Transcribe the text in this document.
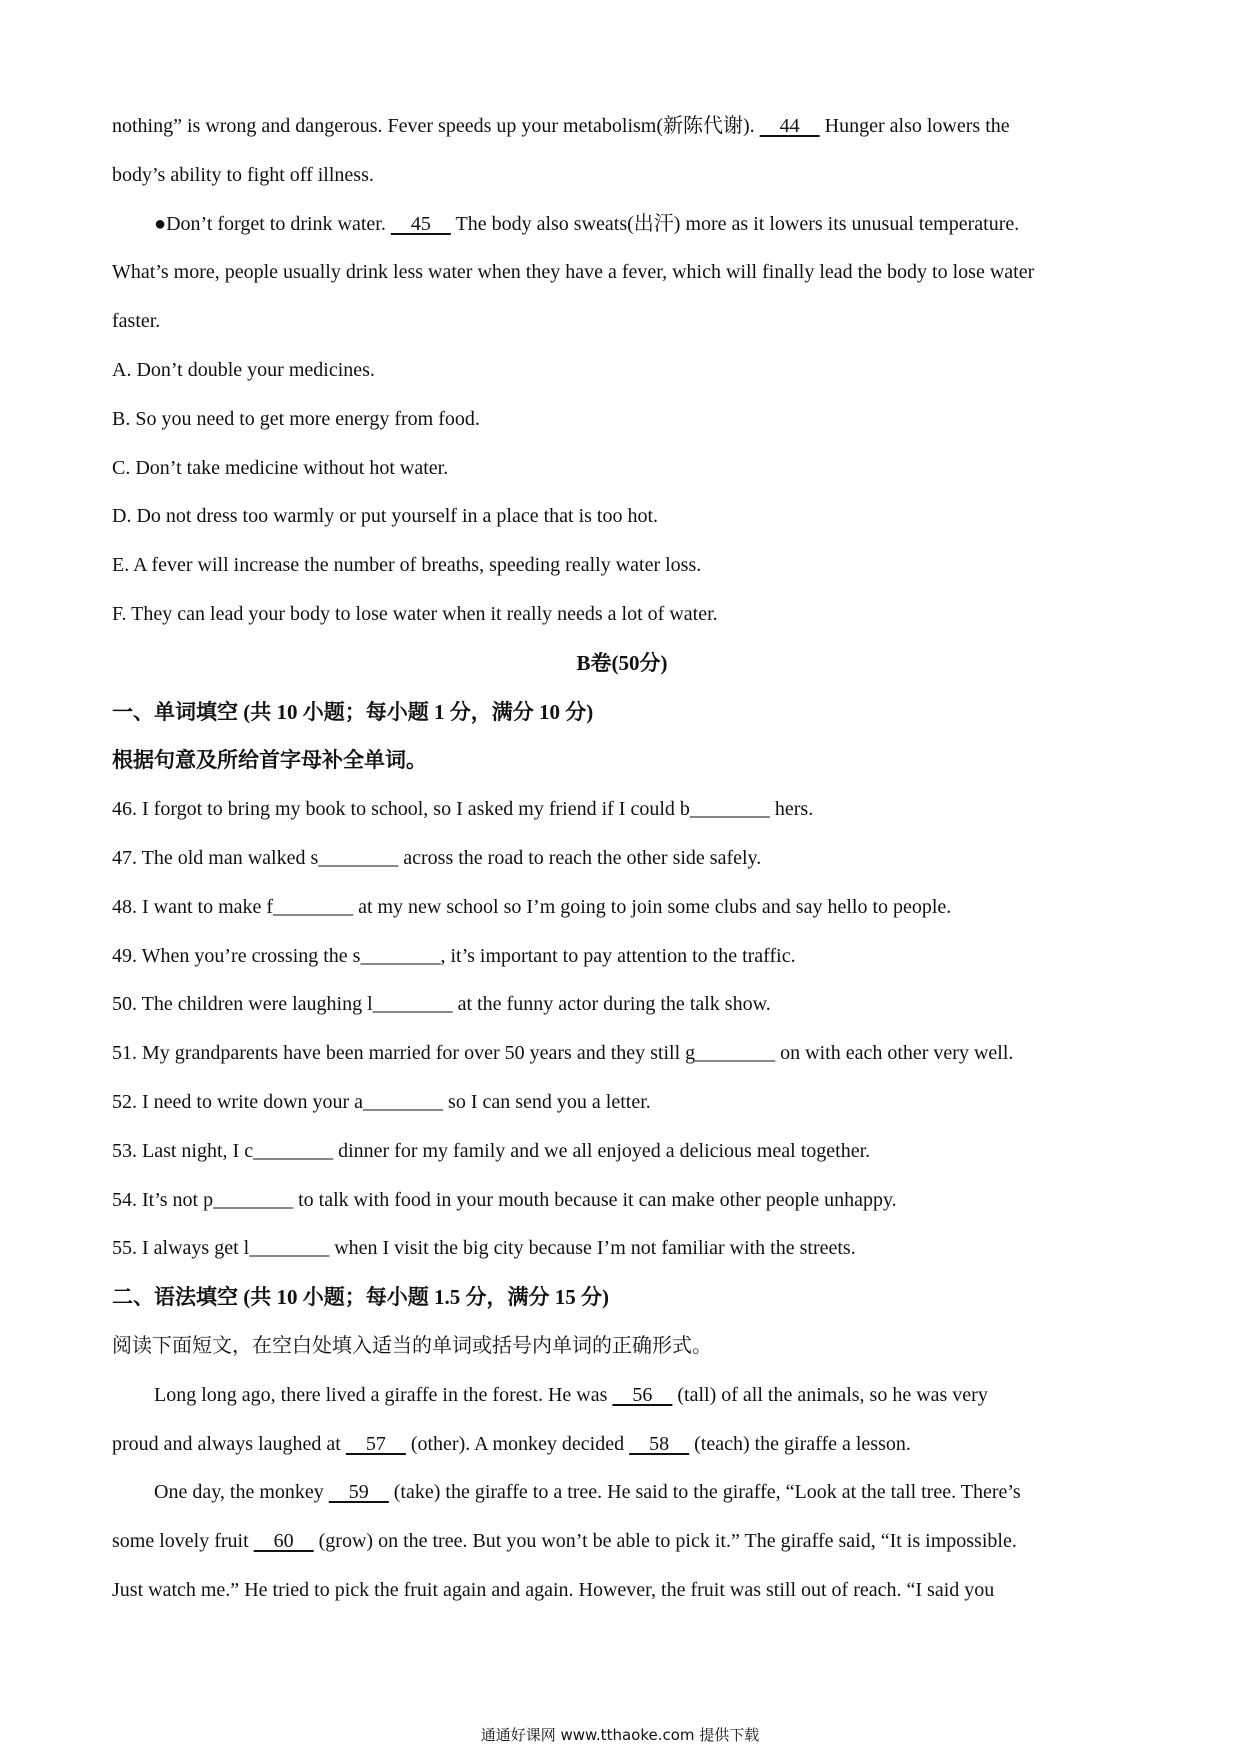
nothing” is wrong and dangerous. Fever speeds up your metabolism(新陈代谢).     44     Hunger also lowers the
body’s ability to fight off illness.
●Don’t forget to drink water.     45     The body also sweats(出汗) more as it lowers its unusual temperature.
What’s more, people usually drink less water when they have a fever, which will finally lead the body to lose water
faster.
A. Don’t double your medicines.
B. So you need to get more energy from food.
C. Don’t take medicine without hot water.
D. Do not dress too warmly or put yourself in a place that is too hot.
E. A fever will increase the number of breaths, speeding really water loss.
F. They can lead your body to lose water when it really needs a lot of water.
B卷(50分)
一、单词填空 (共 10 小题；每小题 1 分，满分 10 分)
根据句意及所给首字母补全单词。
46. I forgot to bring my book to school, so I asked my friend if I could b________ hers.
47. The old man walked s________ across the road to reach the other side safely.
48. I want to make f________ at my new school so I’m going to join some clubs and say hello to people.
49. When you’re crossing the s________, it’s important to pay attention to the traffic.
50. The children were laughing l________ at the funny actor during the talk show.
51. My grandparents have been married for over 50 years and they still g________ on with each other very well.
52. I need to write down your a________ so I can send you a letter.
53. Last night, I c________ dinner for my family and we all enjoyed a delicious meal together.
54. It’s not p________ to talk with food in your mouth because it can make other people unhappy.
55. I always get l________ when I visit the big city because I’m not familiar with the streets.
二、语法填空 (共 10 小题；每小题 1.5 分，满分 15 分)
阅读下面短文，在空白处填入适当的单词或括号内单词的正确形式。
Long long ago, there lived a giraffe in the forest. He was     56     (tall) of all the animals, so he was very
proud and always laughed at     57     (other). A monkey decided     58     (teach) the giraffe a lesson.
One day, the monkey     59     (take) the giraffe to a tree. He said to the giraffe, “Look at the tall tree. There’s
some lovely fruit     60     (grow) on the tree. But you won’t be able to pick it.” The giraffe said, “It is impossible.
Just watch me.” He tried to pick the fruit again and again. However, the fruit was still out of reach. “I said you
通通好课网 www.tthaoke.com 提供下载
